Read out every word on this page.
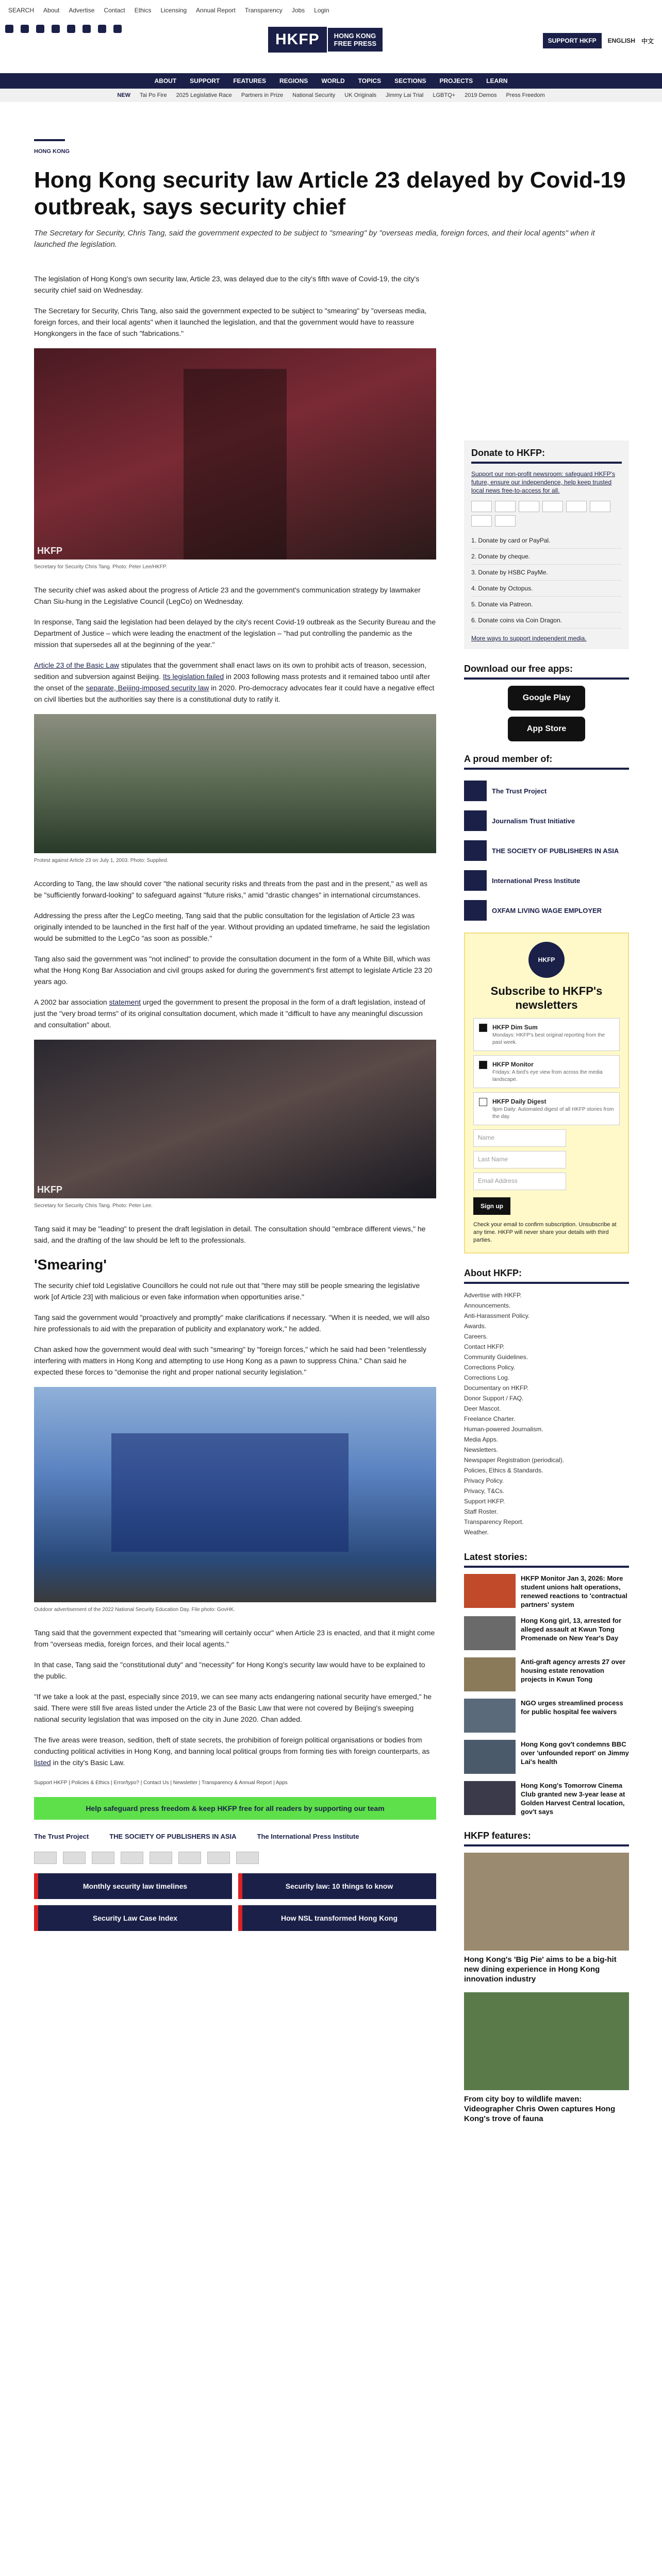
SEARCH About Advertise Contact Ethics Licensing Annual Report Transparency Jobs Login
HKFP	HONG KONG
FREE PRESS	SUPPORT HKFP	ENGLISH 中文
ABOUT SUPPORT FEATURES REGIONS WORLD TOPICS SECTIONS PROJECTS LEARN
NEW Tai Po Fire 2025 Legislative Race Partners in Prize National Security UK Originals Jimmy Lai Trial LGBTQ+ 2019 Demos Press Freedom
HONG KONG
Hong Kong security law Article 23 delayed by Covid-19 outbreak, says security chief

The Secretary for Security, Chris Tang, said the government expected to be subject to "smearing" by "overseas media, foreign forces, and their local agents" when it launched the legislation.

The legislation of Hong Kong's own security law, Article 23, was delayed due to the city's fifth wave of Covid-19, the city's security chief said on Wednesday.

The Secretary for Security, Chris Tang, also said the government expected to be subject to "smearing" by "overseas media, foreign forces, and their local agents" when it launched the legislation, and that the government would have to reassure Hongkongers in the face of such "fabrications."

HKFP
Secretary for Security Chris Tang. Photo: Peter Lee/HKFP.

The security chief was asked about the progress of Article 23 and the government's communication strategy by lawmaker Chan Siu-hung in the Legislative Council (LegCo) on Wednesday.

In response, Tang said the legislation had been delayed by the city's recent Covid-19 outbreak as the Security Bureau and the Department of Justice – which were leading the enactment of the legislation – "had put controlling the pandemic as the mission that supersedes all at the beginning of the year."

Article 23 of the Basic Law stipulates that the government shall enact laws on its own to prohibit acts of treason, secession, sedition and subversion against Beijing. Its legislation failed in 2003 following mass protests and it remained taboo until after the onset of the separate, Beijing-imposed security law in 2020. Pro-democracy advocates fear it could have a negative effect on civil liberties but the authorities say there is a constitutional duty to ratify it.

Protest against Article 23 on July 1, 2003. Photo: Supplied.

According to Tang, the law should cover "the national security risks and threats from the past and in the present," as well as be "sufficiently forward-looking" to safeguard against "future risks," amid "drastic changes" in international circumstances.

Addressing the press after the LegCo meeting, Tang said that the public consultation for the legislation of Article 23 was originally intended to be launched in the first half of the year. Without providing an updated timeframe, he said the legislation would be submitted to the LegCo "as soon as possible."

Tang also said the government was "not inclined" to provide the consultation document in the form of a White Bill, which was what the Hong Kong Bar Association and civil groups asked for during the government's first attempt to legislate Article 23 20 years ago.

A 2002 bar association statement urged the government to present the proposal in the form of a draft legislation, instead of just the "very broad terms" of its original consultation document, which made it "difficult to have any meaningful discussion and consultation" about.

HKFP
Secretary for Security Chris Tang. Photo: Peter Lee.

Tang said it may be "leading" to present the draft legislation in detail. The consultation should "embrace different views," he said, and the drafting of the law should be left to the professionals.

'Smearing'

The security chief told Legislative Councillors he could not rule out that "there may still be people smearing the legislative work [of Article 23] with malicious or even fake information when opportunities arise."

Tang said the government would "proactively and promptly" make clarifications if necessary. "When it is needed, we will also hire professionals to aid with the preparation of publicity and explanatory work," he added.

Chan asked how the government would deal with such "smearing" by "foreign forces," which he said had been "relentlessly interfering with matters in Hong Kong and attempting to use Hong Kong as a pawn to suppress China." Chan said he expected these forces to "demonise the right and proper national security legislation."

Outdoor advertisement of the 2022 National Security Education Day. File photo: GovHK.

Tang said that the government expected that "smearing will certainly occur" when Article 23 is enacted, and that it might come from "overseas media, foreign forces, and their local agents."

In that case, Tang said the "constitutional duty" and "necessity" for Hong Kong's security law would have to be explained to the public.

"If we take a look at the past, especially since 2019, we can see many acts endangering national security have emerged," he said. There were still five areas listed under the Article 23 of the Basic Law that were not covered by Beijing's sweeping national security legislation that was imposed on the city in June 2020. Chan added.

The five areas were treason, sedition, theft of state secrets, the prohibition of foreign political organisations or bodies from conducting political activities in Hong Kong, and banning local political groups from forming ties with foreign counterparts, as listed in the city's Basic Law.

Support HKFP | Policies & Ethics | Error/typo? | Contact Us | Newsletter | Transparency & Annual Report | Apps
Help safeguard press freedom & keep HKFP free for all readers by supporting our team
The Trust Project	THE SOCIETY OF PUBLISHERS IN ASIA	The International Press Institute
Monthly security law timelines	Security law: 10 things to know
Security Law Case Index	How NSL transformed Hong Kong
Donate to HKFP:

Support our non-profit newsroom: safeguard HKFP's future, ensure our independence, help keep trusted local news free-to-access for all.

1. Donate by card or PayPal.
2. Donate by cheque.
3. Donate by HSBC PayMe.
4. Donate by Octopus.
5. Donate via Patreon.
6. Donate coins via Coin Dragon.
More ways to support independent media.
Download our free apps:
Google Play
App Store
A proud member of:
The Trust Project
Journalism Trust Initiative
THE SOCIETY OF PUBLISHERS IN ASIA
International Press Institute
OXFAM LIVING WAGE EMPLOYER
HKFP
Subscribe to HKFP's newsletters
HKFP Dim Sum
Mondays: HKFP's best original reporting from the past week.
HKFP Monitor
Fridays: A bird's eye view from across the media landscape.
HKFP Daily Digest
9pm Daily: Automated digest of all HKFP stories from the day.
Name
Last Name
Email Address
Sign up

Check your email to confirm subscription. Unsubscribe at any time. HKFP will never share your details with third parties.

About HKFP:
Advertise with HKFP.
Announcements.
Anti-Harassment Policy.
Awards.
Careers.
Contact HKFP.
Community Guidelines.
Corrections Policy.
Corrections Log.
Documentary on HKFP.
Donor Support / FAQ.
Deer Mascot.
Freelance Charter.
Human-powered Journalism.
Media Apps.
Newsletters.
Newspaper Registration (periodical).
Policies, Ethics & Standards.
Privacy Policy.
Privacy, T&Cs.
Support HKFP.
Staff Roster.
Transparency Report.
Weather.
Latest stories:
HKFP Monitor Jan 3, 2026: More student unions halt operations, renewed reactions to 'contractual partners' system
Hong Kong girl, 13, arrested for alleged assault at Kwun Tong Promenade on New Year's Day
Anti-graft agency arrests 27 over housing estate renovation projects in Kwun Tong
NGO urges streamlined process for public hospital fee waivers
Hong Kong gov't condemns BBC over 'unfounded report' on Jimmy Lai's health
Hong Kong's Tomorrow Cinema Club granted new 3-year lease at Golden Harvest Central location, gov't says
HKFP features:
Hong Kong's 'Big Pie' aims to be a big-hit new dining experience in Hong Kong innovation industry
From city boy to wildlife maven: Videographer Chris Owen captures Hong Kong's trove of fauna
